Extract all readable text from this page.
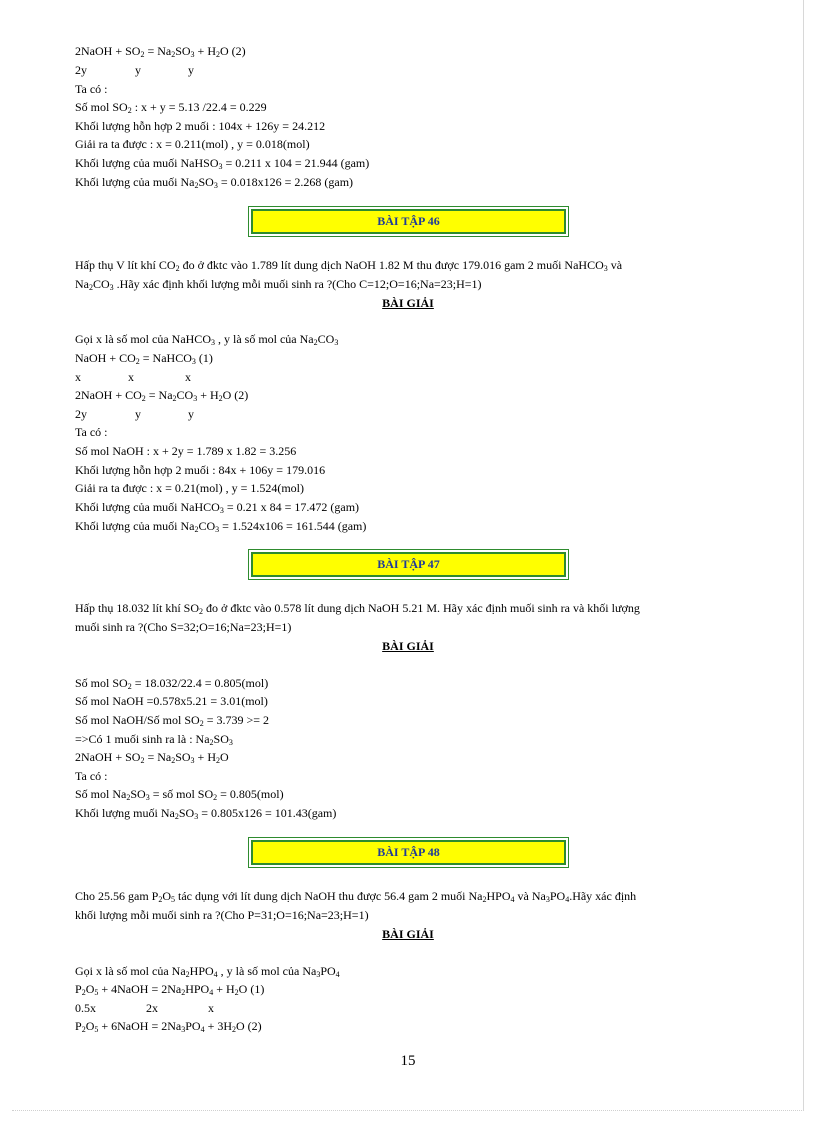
2NaOH + $SO_2 = Na_2SO_3 + H_2O$ (2)
2y	y	y
Ta có :
Số mol $SO_2$ : x + y = 5.13 /22.4 = 0.229
Khối lượng hỗn hợp 2 muối : 104x + 126y = 24.212
Giải ra ta được : x = 0.211(mol) , y = 0.018(mol)
Khối lượng của muối NaHSO$_3$ = 0.211 x 104 = 21.944 (gam)
Khối lượng của muối $Na_2SO_3 = 0.018x126 = 2.268$ (gam)
BÀI TẬP 46
Hấp thụ V lít khí $CO_2$ đo ở đktc vào 1.789 lít dung dịch NaOH 1.82 M thu được 179.016 gam 2 muối NaHCO$_3$ và
$Na_2CO_3$ .Hãy xác định khối lượng mỗi muối sinh ra ?(Cho C=12;O=16;Na=23;H=1)
BÀI GIẢI
Gọi x là số mol của NaHCO$_3$ , y là số mol của $Na_2CO_3$
NaOH + $CO_2$ = NaHCO$_3$ (1)
x	x	x
2NaOH + $CO_2 = Na_2CO_3 + H_2O$ (2)
2y	y	y
Ta có :
Số mol NaOH : x + 2y = 1.789 x 1.82 = 3.256
Khối lượng hỗn hợp 2 muối : 84x + 106y = 179.016
Giải ra ta được : x = 0.21(mol) , y = 1.524(mol)
Khối lượng của muối NaHCO$_3$ = 0.21 x 84 = 17.472 (gam)
Khối lượng của muối $Na_2CO_3 = 1.524x106 = 161.544$ (gam)
BÀI TẬP 47
Hấp thụ 18.032 lít khí $SO_2$ đo ở đktc vào 0.578 lít dung dịch NaOH 5.21 M. Hãy xác định muối sinh ra và khối lượng
muối sinh ra ?(Cho S=32;O=16;Na=23;H=1)
BÀI GIẢI
Số mol $SO_2 = 18.032/22.4 = 0.805(mol)$
Số mol NaOH =0.578x5.21 = 3.01(mol)
Số mol NaOH/Số mol $SO_2 = 3.739 >= 2$
=>Có 1 muối sinh ra là : $Na_2SO_3$
2NaOH + $SO_2 = Na_2SO_3 + H_2O$
Ta có :
Số mol $Na_2SO_3$ = số mol $SO_2 = 0.805(mol)$
Khối lượng muối $Na_2SO_3 = 0.805x126 = 101.43(gam)$
BÀI TẬP 48
Cho 25.56 gam $P_2O_5$ tác dụng với lít dung dịch NaOH thu được 56.4 gam 2 muối $Na_2HPO_4$ và $Na_3PO_4.Hãy$ xác định
khối lượng mỗi muối sinh ra ?(Cho P=31;O=16;Na=23;H=1)
BÀI GIẢI
Gọi x là số mol của $Na_2HPO_4$ , y là số mol của $Na_3PO_4$
$P_2O_5$ + 4NaOH = $2Na_2HPO_4 + H_2O$ (1)
0.5x	2x	x
$P_2O_5$ + 6NaOH = $2Na_3PO_4 + 3H_2O$ (2)
15
